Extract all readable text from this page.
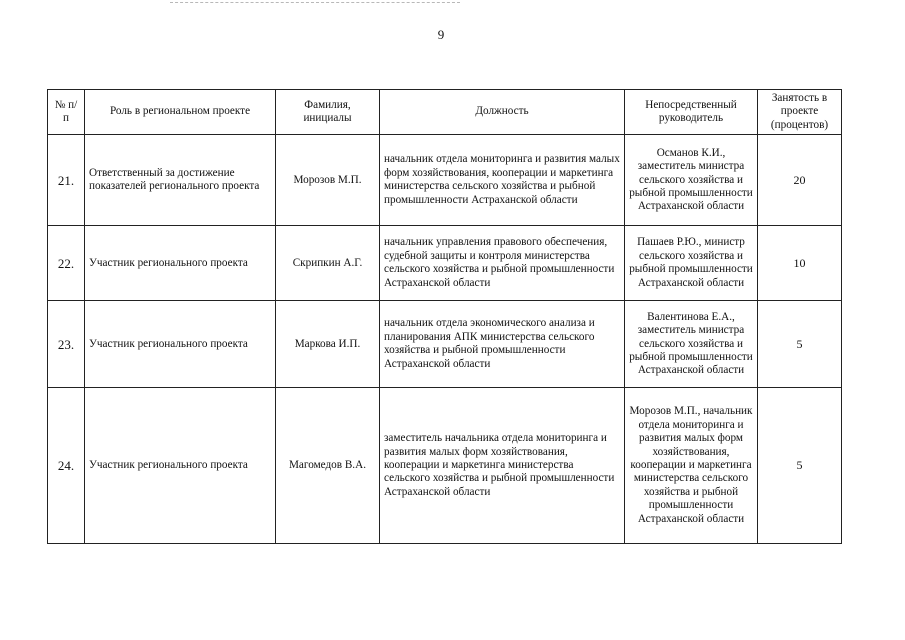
9
№ п/п	Роль в региональном проекте	Фамилия, инициалы	Должность	Непосредственный руководитель	Занятость в проекте (процентов)
21.	Ответственный за достижение показателей регионального проекта	Морозов М.П.	начальник отдела мониторинга и развития малых форм хозяйствования, кооперации и маркетинга министерства сельского хозяйства и рыбной промышленности Астраханской области	Османов К.И., заместитель министра сельского хозяйства и рыбной промышленности Астраханской области	20
22.	Участник регионального проекта	Скрипкин А.Г.	начальник управления правового обеспечения, судебной защиты и контроля министерства сельского хозяйства и рыбной промышленности Астраханской области	Пашаев Р.Ю., министр сельского хозяйства и рыбной промышленности Астраханской области	10
23.	Участник регионального проекта	Маркова И.П.	начальник отдела экономического анализа и планирования АПК министерства сельского хозяйства и рыбной промышленности Астраханской области	Валентинова Е.А., заместитель министра сельского хозяйства и рыбной промышленности Астраханской области	5
24.	Участник регионального проекта	Магомедов В.А.	заместитель начальника отдела мониторинга и развития малых форм хозяйствования, кооперации и маркетинга министерства сельского хозяйства и рыбной промышленности Астраханской области	Морозов М.П., начальник отдела мониторинга и развития малых форм хозяйствования, кооперации и маркетинга министерства сельского хозяйства и рыбной промышленности Астраханской области	5
